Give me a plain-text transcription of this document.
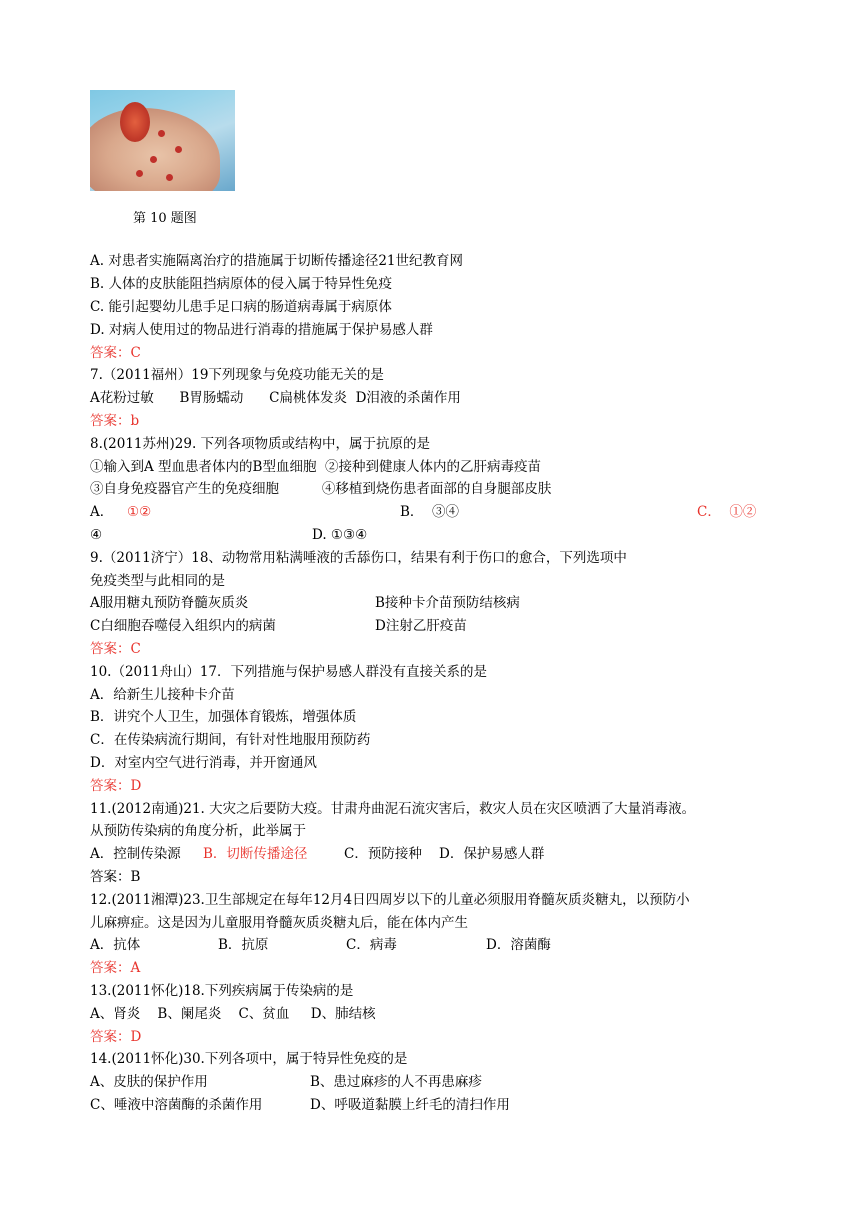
第 10 题图
A. 对患者实施隔离治疗的措施属于切断传播途径21世纪教育网
B. 人体的皮肤能阻挡病原体的侵入属于特异性免疫
C. 能引起婴幼儿患手足口病的肠道病毒属于病原体
D. 对病人使用过的物品进行消毒的措施属于保护易感人群
答案：C
7.（2011福州）19下列现象与免疫功能无关的是
A花粉过敏      B胃肠蠕动      C扁桃体发炎  D泪液的杀菌作用
答案：b
8.(2011苏州)29. 下列各项物质或结构中，属于抗原的是
①输入到A 型血患者体内的B型血细胞  ②接种到健康人体内的乙肝病毒疫苗
③自身免疫器官产生的免疫细胞          ④移植到烧伤患者面部的自身腿部皮肤
A． ①②	B．  ③④	C．  ①②
④	D. ①③④
9.（2011济宁）18、动物常用粘满唾液的舌舔伤口，结果有利于伤口的愈合，下列选项中
免疫类型与此相同的是
A服用糖丸预防脊髓灰质炎	B接种卡介苗预防结核病
C白细胞吞噬侵入组织内的病菌	D注射乙肝疫苗
答案：C
10.（2011舟山）17．下列措施与保护易感人群没有直接关系的是
A．给新生儿接种卡介苗
B．讲究个人卫生，加强体育锻炼，增强体质
C．在传染病流行期间，有针对性地服用预防药
D．对室内空气进行消毒，并开窗通风
答案：D
11.(2012南通)21. 大灾之后要防大疫。甘肃舟曲泥石流灾害后，救灾人员在灾区喷洒了大量消毒液。
从预防传染病的角度分析，此举属于
A．控制传染源 B．切断传播途径	C．预防接种    D．保护易感人群
答案：B
12.(2011湘潭)23.卫生部规定在每年12月4日四周岁以下的儿童必须服用脊髓灰质炎糖丸，以预防小
儿麻痹症。这是因为儿童服用脊髓灰质炎糖丸后，能在体内产生
A．抗体	B．抗原	C．病毒	D．溶菌酶
答案：A
13.(2011怀化)18.下列疾病属于传染病的是
A、肾炎    B、阑尾炎    C、贫血     D、肺结核
答案：D
14.(2011怀化)30.下列各项中，属于特异性免疫的是
A、皮肤的保护作用	B、患过麻疹的人不再患麻疹
C、唾液中溶菌酶的杀菌作用	D、呼吸道黏膜上纤毛的清扫作用
